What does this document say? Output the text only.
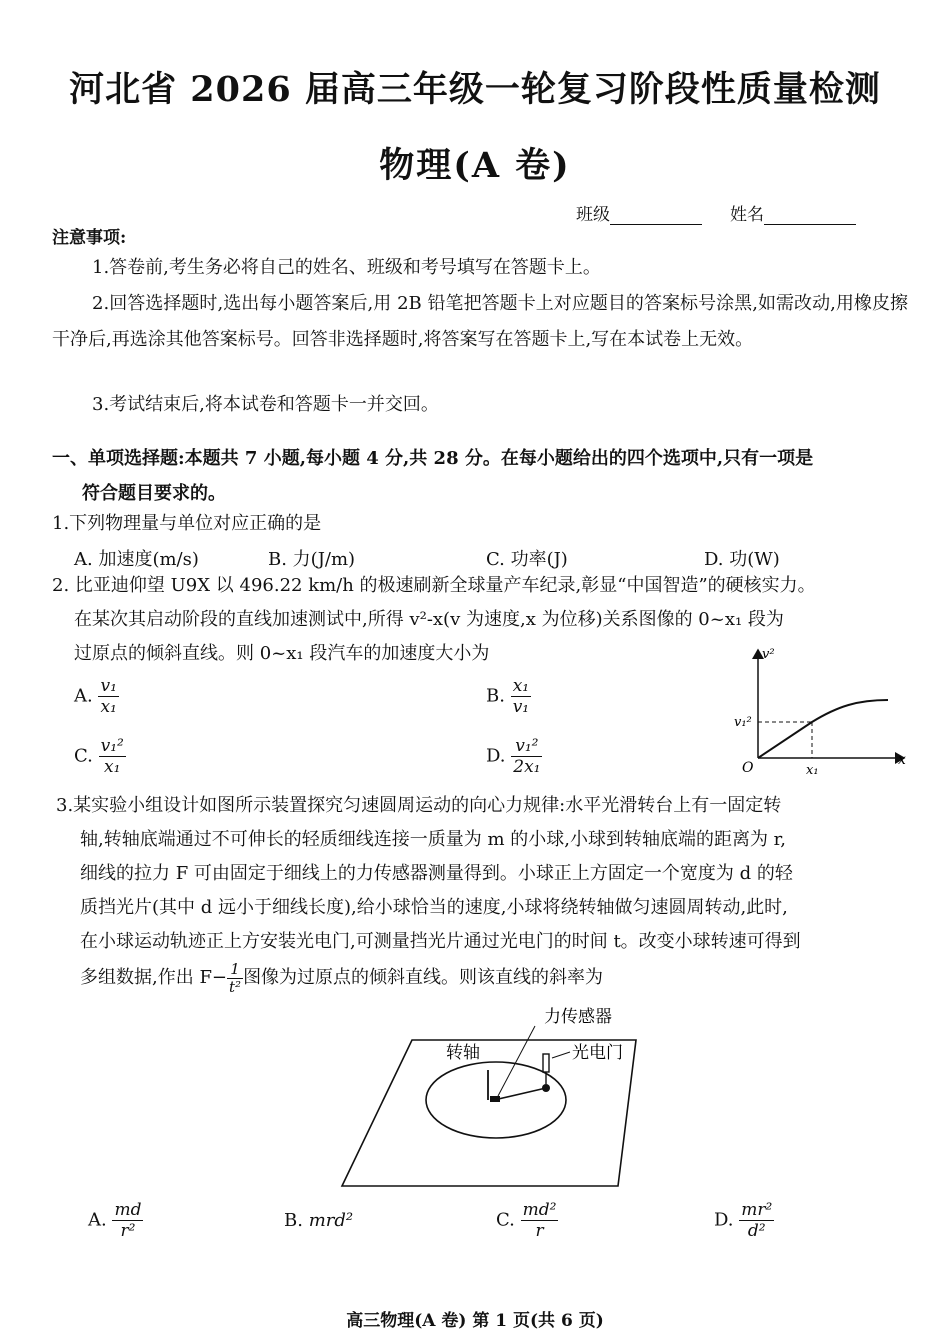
河北省 2026 届高三年级一轮复习阶段性质量检测
物理(A 卷)
班级	姓名
注意事项:
1.答卷前,考生务必将自己的姓名、班级和考号填写在答题卡上。
2.回答选择题时,选出每小题答案后,用 2B 铅笔把答题卡上对应题目的答案标号涂黑,如需改动,用橡皮擦干净后,再选涂其他答案标号。回答非选择题时,将答案写在答题卡上,写在本试卷上无效。
3.考试结束后,将本试卷和答题卡一并交回。
一、单项选择题:本题共 7 小题,每小题 4 分,共 28 分。在每小题给出的四个选项中,只有一项是
符合题目要求的。
1.下列物理量与单位对应正确的是
A. 加速度(m/s)	B. 力(J/m)	C. 功率(J)	D. 功(W)
2. 比亚迪仰望 U9X 以 496.22 km/h 的极速刷新全球量产车纪录,彰显“中国智造”的硬核实力。
在某次其启动阶段的直线加速测试中,所得 v²-x(v 为速度,x 为位移)关系图像的 0~x₁ 段为
过原点的倾斜直线。则 0~x₁ 段汽车的加速度大小为
A. $\frac{\text{v₁}}{\text{x₁}}$	B. $\frac{\text{x₁}}{\text{v₁}}$
C. $\frac{\text{v₁²}}{\text{x₁}}$	D. $\frac{\text{v₁²}}{\text{2x₁}}$
v²
x
O	x₁
v₁²
3.某实验小组设计如图所示装置探究匀速圆周运动的向心力规律:水平光滑转台上有一固定转
轴,转轴底端通过不可伸长的轻质细线连接一质量为 m 的小球,小球到转轴底端的距离为 r,
细线的拉力 F 可由固定于细线上的力传感器测量得到。小球正上方固定一个宽度为 d 的轻
质挡光片(其中 d 远小于细线长度),给小球恰当的速度,小球将绕转轴做匀速圆周转动,此时,
在小球运动轨迹正上方安装光电门,可测量挡光片通过光电门的时间 t。改变小球转速可得到
多组数据,作出 $F- \frac{1}{\text{t²}}$ 图像为过原点的倾斜直线。则该直线的斜率为
力传感器
转轴	光电门
A. $\frac{md}{\text{r²}}$	B. mrd²	C. $\frac{\text{md²}}{r}$	D. $\frac{\text{mr²}}{\text{d²}}$
高三物理(A 卷) 第 1 页(共 6 页)
